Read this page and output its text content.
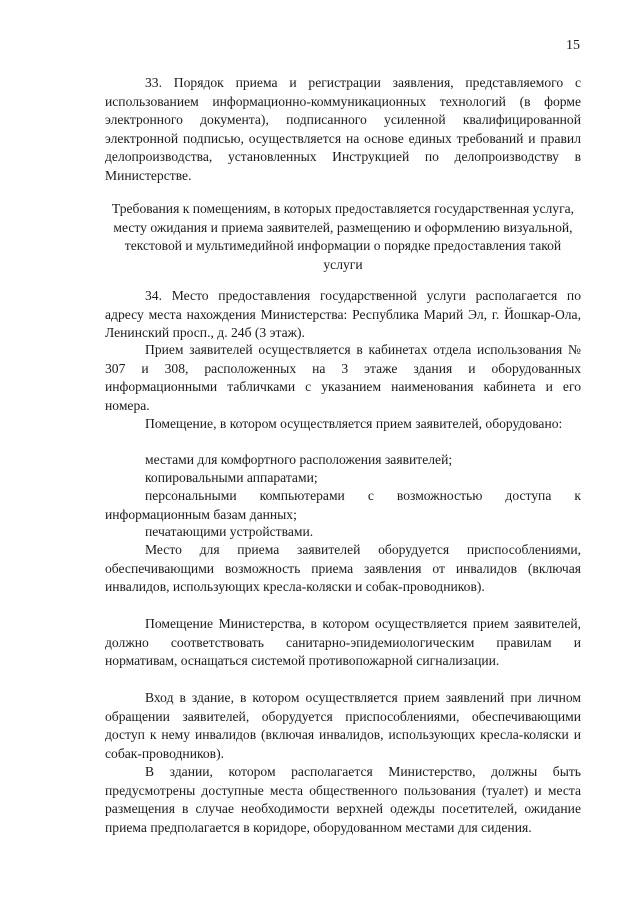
15

33. Порядок приема и регистрации заявления, представляемого с использованием информационно-коммуникационных технологий (в форме электронного документа), подписанного усиленной квалифицированной электронной подписью, осуществляется на основе единых требований и правил делопроизводства, установленных Инструкцией по делопроизводству в Министерстве.

Требования к помещениям, в которых предоставляется государственная услуга, месту ожидания и приема заявителей, размещению и оформлению визуальной, текстовой и мультимедийной информации о порядке предоставления такой услуги

34. Место предоставления государственной услуги располагается по адресу места нахождения Министерства: Республика Марий Эл, г. Йошкар-Ола, Ленинский просп., д. 24б (3 этаж).

Прием заявителей осуществляется в кабинетах отдела использования № 307 и 308, расположенных на 3 этаже здания и оборудованных информационными табличками с указанием наименования кабинета и его номера.

Помещение, в котором осуществляется прием заявителей, оборудовано:

местами для комфортного расположения заявителей;

копировальными аппаратами;

персональными компьютерами с возможностью доступа к информационным базам данных;

печатающими устройствами.

Место для приема заявителей оборудуется приспособлениями, обеспечивающими возможность приема заявления от инвалидов (включая инвалидов, использующих кресла-коляски и собак-проводников).

Помещение Министерства, в котором осуществляется прием заявителей, должно соответствовать санитарно-эпидемиологическим правилам и нормативам, оснащаться системой противопожарной сигнализации.

Вход в здание, в котором осуществляется прием заявлений при личном обращении заявителей, оборудуется приспособлениями, обеспечивающими доступ к нему инвалидов (включая инвалидов, использующих кресла-коляски и собак-проводников).

В здании, котором располагается Министерство, должны быть предусмотрены доступные места общественного пользования (туалет) и места размещения в случае необходимости верхней одежды посетителей, ожидание приема предполагается в коридоре, оборудованном местами для сидения.
